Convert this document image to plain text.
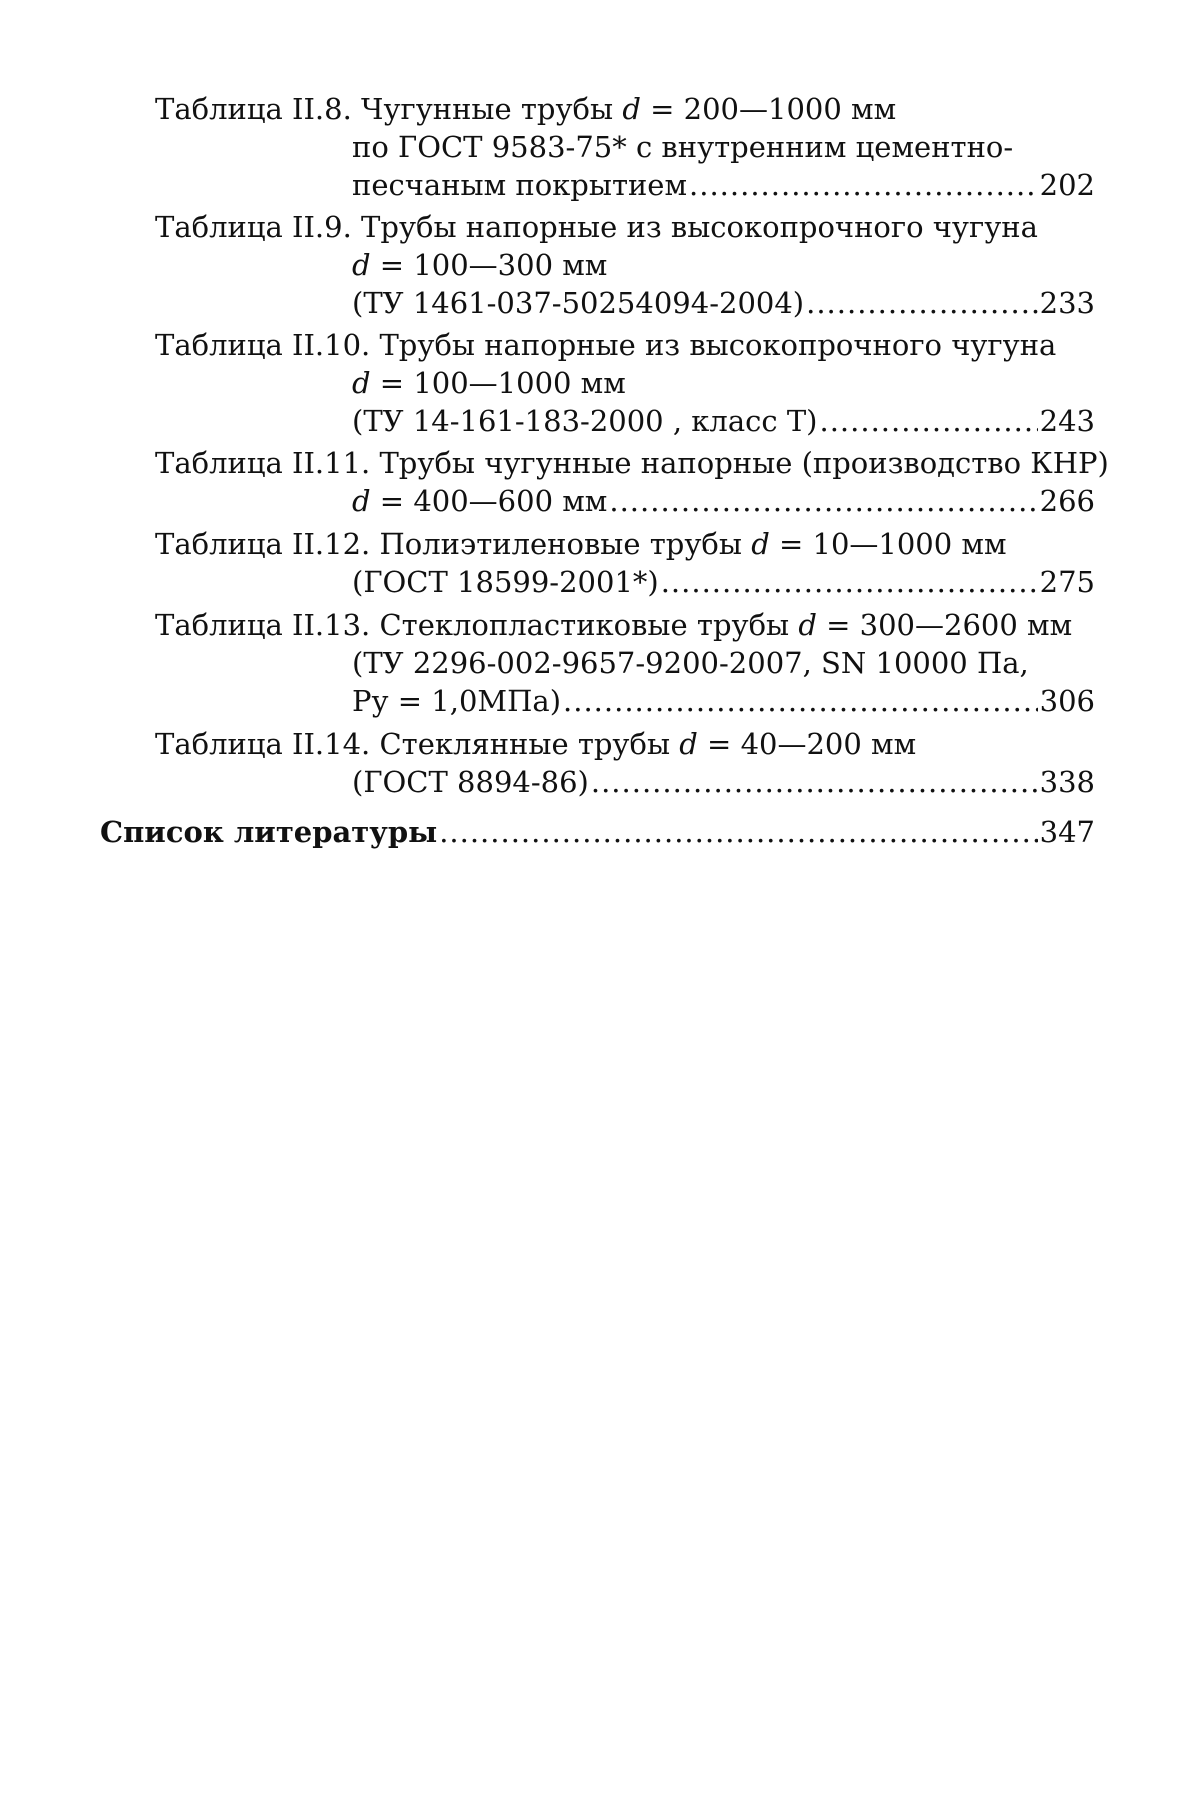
Таблица II.8. Чугунные трубы d = 200—1000 мм
по ГОСТ 9583-75* с внутренним цементно-
песчаным покрытием .....	202
Таблица II.9. Трубы напорные из высокопрочного чугуна
d = 100—300 мм
(ТУ 1461-037-50254094-2004) .....	233
Таблица II.10. Трубы напорные из высокопрочного чугуна
d = 100—1000 мм
(ТУ 14-161-183-2000 , класс Т) .....	243
Таблица II.11. Трубы чугунные напорные (производство КНР)
d = 400—600 мм .....	266
Таблица II.12. Полиэтиленовые трубы d = 10—1000 мм
(ГОСТ 18599-2001*) .....	275
Таблица II.13. Стеклопластиковые трубы d = 300—2600 мм
(ТУ 2296-002-9657-9200-2007, SN 10000 Па,
Ру = 1,0МПа) .....	306
Таблица II.14. Стеклянные трубы d = 40—200 мм
(ГОСТ 8894-86) .....	338
Список литературы .....	347
